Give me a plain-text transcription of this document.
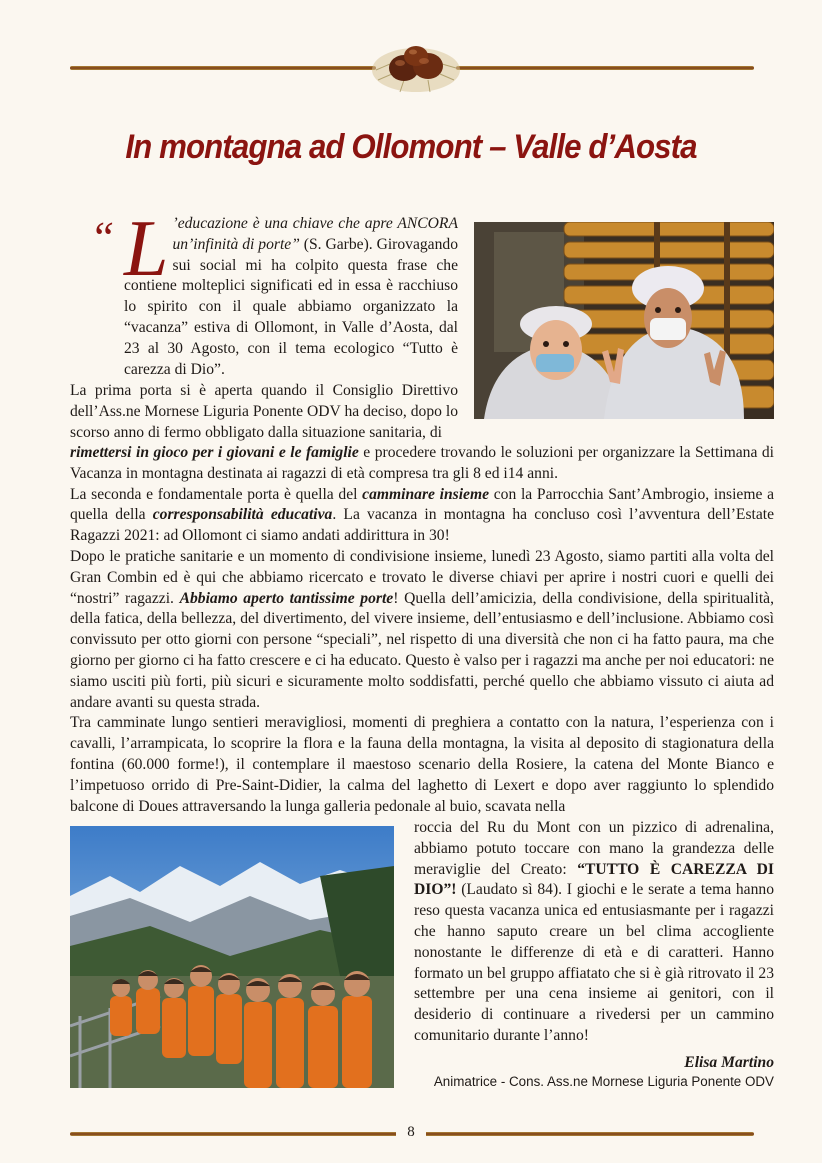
In montagna ad Ollomont – Valle d’Aosta
“ L ’educazione è una chiave che apre ANCORA un’infinità di porte” (S. Garbe). Girovagando sui social mi ha colpito questa frase che contiene molteplici significati ed in essa è racchiuso lo spirito con il quale abbiamo organizzato la “vacanza” estiva di Ollomont, in Valle d’Aosta, dal 23 al 30 Agosto, con il tema ecologico “Tutto è carezza di Dio”.

La prima porta si è aperta quando il Consiglio Direttivo dell’Ass.ne Mornese Liguria Ponente ODV ha deciso, dopo lo scorso anno di fermo obbligato dalla situazione sanitaria, di

rimettersi in gioco per i giovani e le famiglie e procedere trovando le soluzioni per organizzare la Settimana di Vacanza in montagna destinata ai ragazzi di età compresa tra gli 8 ed i14 anni.

La seconda e fondamentale porta è quella del camminare insieme con la Parrocchia Sant’Ambrogio, insieme a quella della corresponsabilità educativa. La vacanza in montagna ha concluso così l’avventura dell’Estate Ragazzi 2021: ad Ollomont ci siamo andati addirittura in 30!

Dopo le pratiche sanitarie e un momento di condivisione insieme, lunedì 23 Agosto, siamo partiti alla volta del Gran Combin ed è qui che abbiamo ricercato e trovato le diverse chiavi per aprire i nostri cuori e quelli dei “nostri” ragazzi. Abbiamo aperto tantissime porte! Quella dell’amicizia, della condivisione, della spiritualità, della fatica, della bellezza, del divertimento, del vivere insieme, dell’entusiasmo e dell’inclusione. Abbiamo così convissuto per otto giorni con persone “speciali”, nel rispetto di una diversità che non ci ha fatto paura, ma che giorno per giorno ci ha fatto crescere e ci ha educato. Questo è valso per i ragazzi ma anche per noi educatori: ne siamo usciti più forti, più sicuri e sicuramente molto soddisfatti, perché quello che abbiamo vissuto ci aiuta ad andare avanti su questa strada.

Tra camminate lungo sentieri meravigliosi, momenti di preghiera a contatto con la natura, l’esperienza con i cavalli, l’arrampicata, lo scoprire la flora e la fauna della montagna, la visita al deposito di stagionatura della fontina (60.000 forme!), il contemplare il maestoso scenario della Rosiere, la catena del Monte Bianco e l’impetuoso orrido di Pre-Saint-Didier, la calma del laghetto di Lexert e dopo aver raggiunto lo splendido balcone di Doues attraversando la lunga galleria pedonale al buio, scavata nella

roccia del Ru du Mont con un pizzico di adrenalina, abbiamo potuto toccare con mano la grandezza delle meraviglie del Creato: “TUTTO È CAREZZA DI DIO”! (Laudato sì 84). I giochi e le serate a tema hanno reso questa vacanza unica ed entusiasmante per i ragazzi che hanno saputo creare un bel clima accogliente nonostante le differenze di età e di caratteri. Hanno formato un bel gruppo affiatato che si è già ritrovato il 23 settembre per una cena insieme ai genitori, con il desiderio di continuare a rivedersi per un cammino comunitario durante l’anno!

Elisa Martino
Animatrice - Cons. Ass.ne Mornese Liguria Ponente ODV
8
